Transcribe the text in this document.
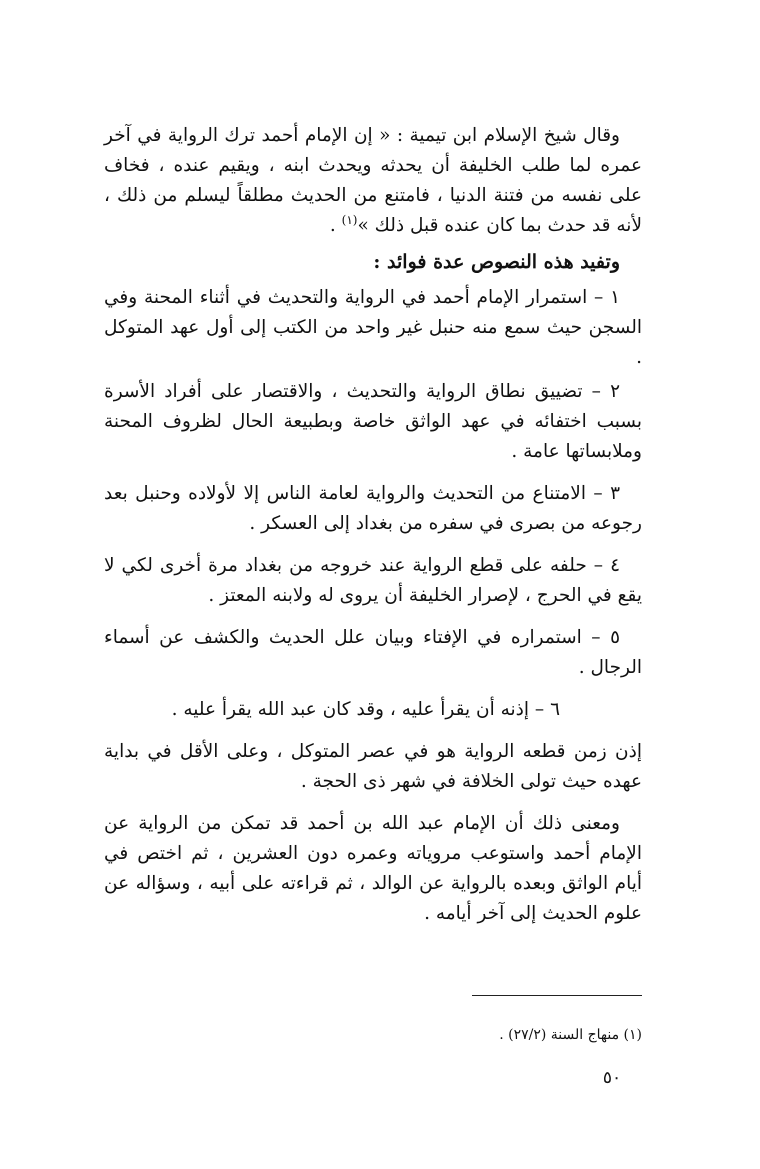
وقال شيخ الإسلام ابن تيمية : « إن الإمام أحمد ترك الرواية في آخر عمره لما طلب الخليفة أن يحدثه ويحدث ابنه ، ويقيم عنده ، فخاف على نفسه من فتنة الدنيا ، فامتنع من الحديث مطلقاً ليسلم من ذلك ، لأنه قد حدث بما كان عنده قبل ذلك »$^{(١)}$ .

وتفيد هذه النصوص عدة فوائد :

١ – استمرار الإمام أحمد في الرواية والتحديث في أثناء المحنة وفي السجن حيث سمع منه حنبل غير واحد من الكتب إلى أول عهد المتوكل .

٢ – تضييق نطاق الرواية والتحديث ، والاقتصار على أفراد الأسرة بسبب اختفائه في عهد الواثق خاصة وبطبيعة الحال لظروف المحنة وملابساتها عامة .

٣ – الامتناع من التحديث والرواية لعامة الناس إلا لأولاده وحنبل بعد رجوعه من بصرى في سفره من بغداد إلى العسكر .

٤ – حلفه على قطع الرواية عند خروجه من بغداد مرة أخرى لكي لا يقع في الحرج ، لإصرار الخليفة أن يروى له ولابنه المعتز .

٥ – استمراره في الإفتاء وبيان علل الحديث والكشف عن أسماء الرجال .

٦ – إذنه أن يقرأ عليه ، وقد كان عبد الله يقرأ عليه .

إذن زمن قطعه الرواية هو في عصر المتوكل ، وعلى الأقل في بداية عهده حيث تولى الخلافة في شهر ذى الحجة .

ومعنى ذلك أن الإمام عبد الله بن أحمد قد تمكن من الرواية عن الإمام أحمد واستوعب مروياته وعمره دون العشرين ، ثم اختص في أيام الواثق وبعده بالرواية عن الوالد ، ثم قراءته على أبيه ، وسؤاله عن علوم الحديث إلى آخر أيامه .

(١) منهاج السنة (٢٧/٢) .
٥٠
